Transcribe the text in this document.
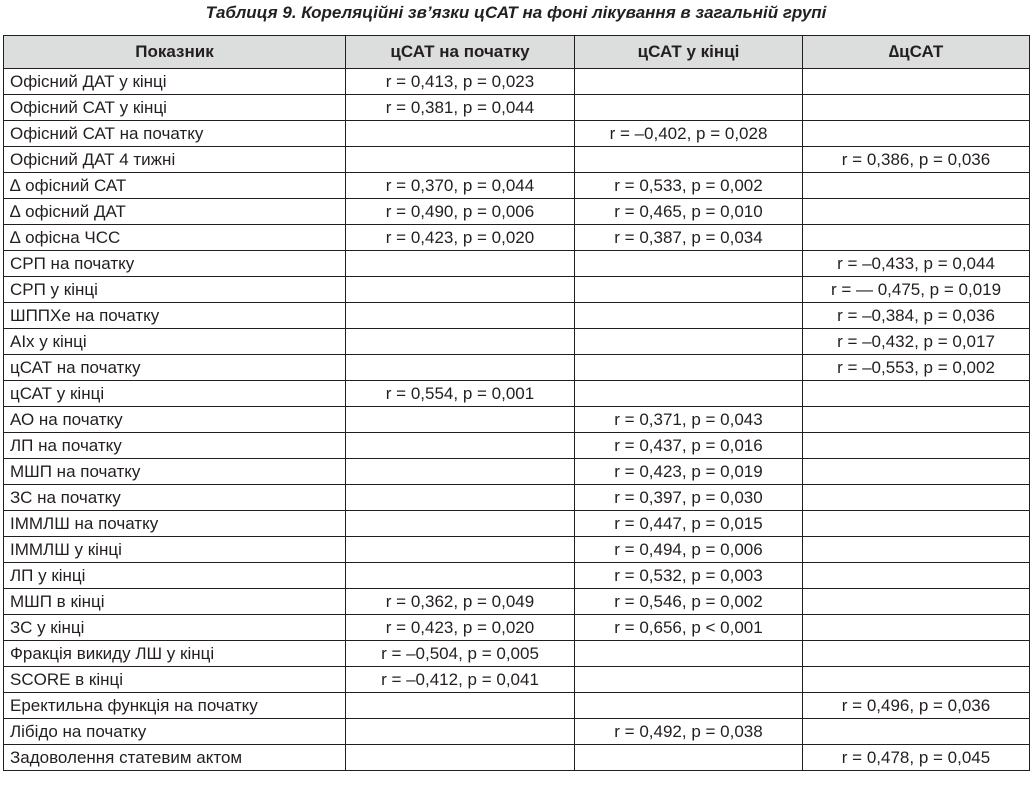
Таблиця 9. Кореляційні зв’язки цСАТ на фоні лікування в загальній групі
Показник	цСАТ на початку	цСАТ у кінці	∆цСАТ
Офісний ДАТ у кінці	r = 0,413, p = 0,023		
Офісний САТ у кінці	r = 0,381, p = 0,044		
Офісний САТ на початку		r = –0,402, p = 0,028	
Офісний ДАТ 4 тижні			r = 0,386, p = 0,036
∆ офісний САТ	r = 0,370, p = 0,044	r = 0,533, p = 0,002	
∆ офісний ДАТ	r = 0,490, p = 0,006	r = 0,465, p = 0,010	
∆ офісна ЧСС	r = 0,423, p = 0,020	r = 0,387, p = 0,034	
СРП на початку			r = –0,433, p = 0,044
СРП у кінці			r = — 0,475, p = 0,019
ШППХе на початку			r = –0,384, p = 0,036
AIx у кінці			r = –0,432, p = 0,017
цСАТ на початку			r = –0,553, p = 0,002
цСАТ у кінці	r = 0,554, p = 0,001		
АО на початку		r = 0,371, p = 0,043	
ЛП на початку		r = 0,437, p = 0,016	
МШП на початку		r = 0,423, p = 0,019	
ЗС на початку		r = 0,397, p = 0,030	
ІММЛШ на початку		r = 0,447, p = 0,015	
ІММЛШ у кінці		r = 0,494, p = 0,006	
ЛП у кінці		r = 0,532, p = 0,003	
МШП в кінці	r = 0,362, p = 0,049	r = 0,546, p = 0,002	
ЗС у кінці	r = 0,423, p = 0,020	r = 0,656, p < 0,001	
Фракція викиду ЛШ у кінці	r = –0,504, p = 0,005		
SCORE в кінці	r = –0,412, p = 0,041		
Еректильна функція на початку			r = 0,496, p = 0,036
Лібідо на початку		r = 0,492, p = 0,038	
Задоволення статевим актом			r = 0,478, p = 0,045
